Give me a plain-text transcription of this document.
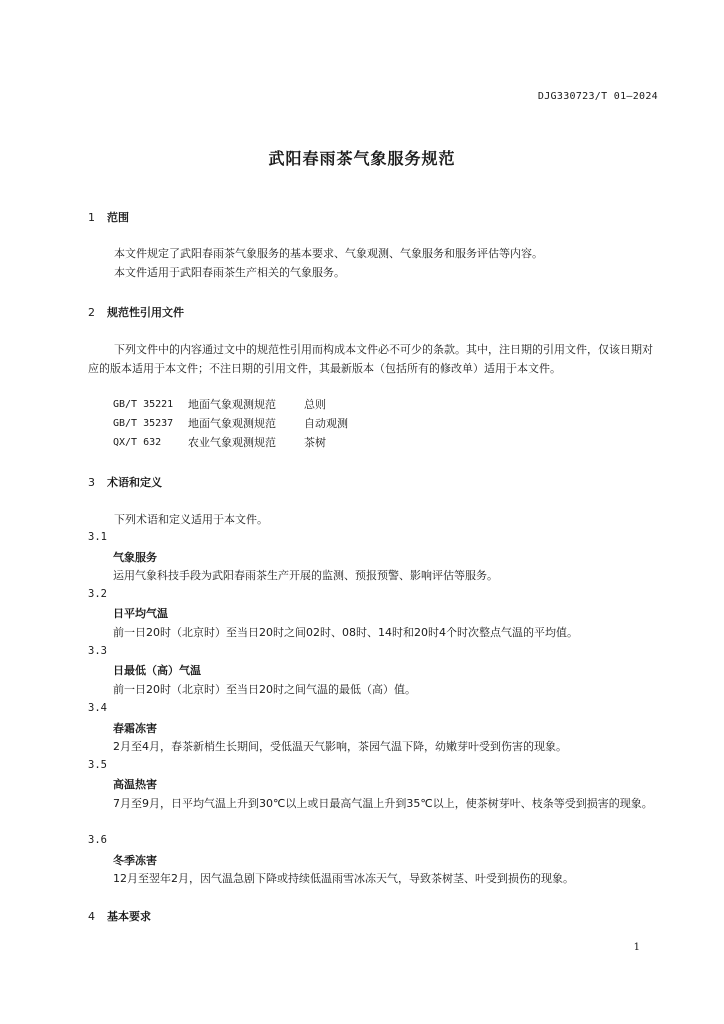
DJG330723/T 01—2024
武阳春雨茶气象服务规范
1 范围
本文件规定了武阳春雨茶气象服务的基本要求、气象观测、气象服务和服务评估等内容。
本文件适用于武阳春雨茶生产相关的气象服务。
2 规范性引用文件
下列文件中的内容通过文中的规范性引用而构成本文件必不可少的条款。其中，注日期的引用文件，仅该日期对应的版本适用于本文件；不注日期的引用文件，其最新版本（包括所有的修改单）适用于本文件。
GB/T 35221	地面气象观测规范	总则
GB/T 35237	地面气象观测规范	自动观测
QX/T 632	农业气象观测规范	茶树
3 术语和定义
下列术语和定义适用于本文件。
3.1
气象服务
运用气象科技手段为武阳春雨茶生产开展的监测、预报预警、影响评估等服务。
3.2
日平均气温
前一日20时（北京时）至当日20时之间02时、08时、14时和20时4个时次整点气温的平均值。
3.3
日最低（高）气温
前一日20时（北京时）至当日20时之间气温的最低（高）值。
3.4
春霜冻害
2月至4月，春茶新梢生长期间，受低温天气影响，茶园气温下降，幼嫩芽叶受到伤害的现象。
3.5
高温热害
7月至9月，日平均气温上升到30℃以上或日最高气温上升到35℃以上，使茶树芽叶、枝条等受到损害的现象。
3.6
冬季冻害
12月至翌年2月，因气温急剧下降或持续低温雨雪冰冻天气，导致茶树茎、叶受到损伤的现象。
4 基本要求
1
